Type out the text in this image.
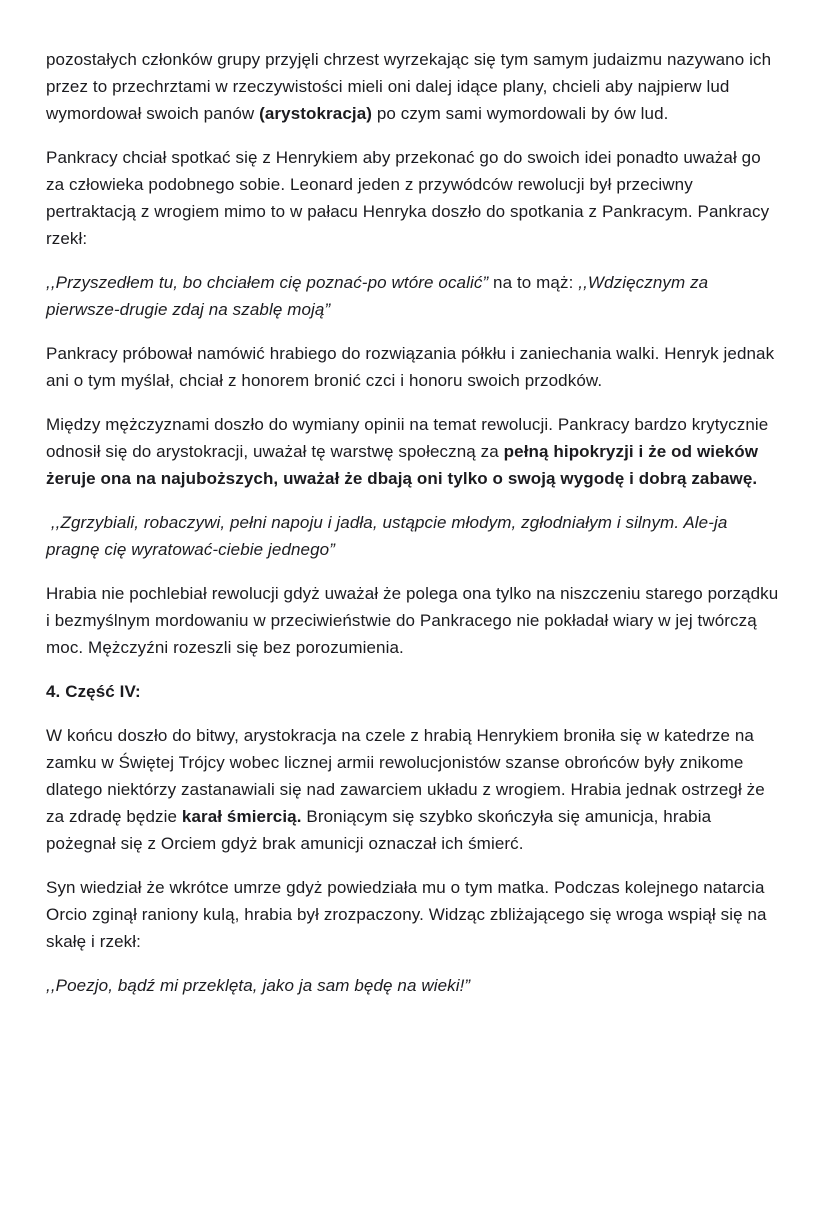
pozostałych członków grupy przyjęli chrzest wyrzekając się tym samym judaizmu nazywano ich przez to przechrztami w rzeczywistości mieli oni dalej idące plany, chcieli aby najpierw lud wymordował swoich panów (arystokracja) po czym sami wymordowali by ów lud.

Pankracy chciał spotkać się z Henrykiem aby przekonać go do swoich idei ponadto uważał go za człowieka podobnego sobie. Leonard jeden z przywódców rewolucji był przeciwny pertraktacją z wrogiem mimo to w pałacu Henryka doszło do spotkania z Pankracym. Pankracy rzekł:

,,Przyszedłem tu, bo chciałem cię poznać-po wtóre ocalić” na to mąż: ,,Wdzięcznym za pierwsze-drugie zdaj na szablę moją”

Pankracy próbował namówić hrabiego do rozwiązania półkłu i zaniechania walki. Henryk jednak ani o tym myślał, chciał z honorem bronić czci i honoru swoich przodków.

Między mężczyznami doszło do wymiany opinii na temat rewolucji. Pankracy bardzo krytycznie odnosił się do arystokracji, uważał tę warstwę społeczną za pełną hipokryzji i że od wieków żeruje ona na najuboższych, uważał że dbają oni tylko o swoją wygodę i dobrą zabawę.

,,Zgrzybiali, robaczywi, pełni napoju i jadła, ustąpcie młodym, zgłodniałym i silnym. Ale-ja pragnę cię wyratować-ciebie jednego”

Hrabia nie pochlebiał rewolucji gdyż uważał że polega ona tylko na niszczeniu starego porządku i bezmyślnym mordowaniu w przeciwieństwie do Pankracego nie pokładał wiary w jej twórczą moc. Mężczyźni rozeszli się bez porozumienia.

4. Część IV:

W końcu doszło do bitwy, arystokracja na czele z hrabią Henrykiem broniła się w katedrze na zamku w Świętej Trójcy wobec licznej armii rewolucjonistów szanse obrońców były znikome dlatego niektórzy zastanawiali się nad zawarciem układu z wrogiem. Hrabia jednak ostrzegł że za zdradę będzie karał śmiercią. Broniącym się szybko skończyła się amunicja, hrabia pożegnał się z Orciem gdyż brak amunicji oznaczał ich śmierć.

Syn wiedział że wkrótce umrze gdyż powiedziała mu o tym matka. Podczas kolejnego natarcia Orcio zginął raniony kulą, hrabia był zrozpaczony. Widząc zbliżającego się wroga wspiął się na skałę i rzekł:

,,Poezjo, bądź mi przeklęta, jako ja sam będę na wieki!”
